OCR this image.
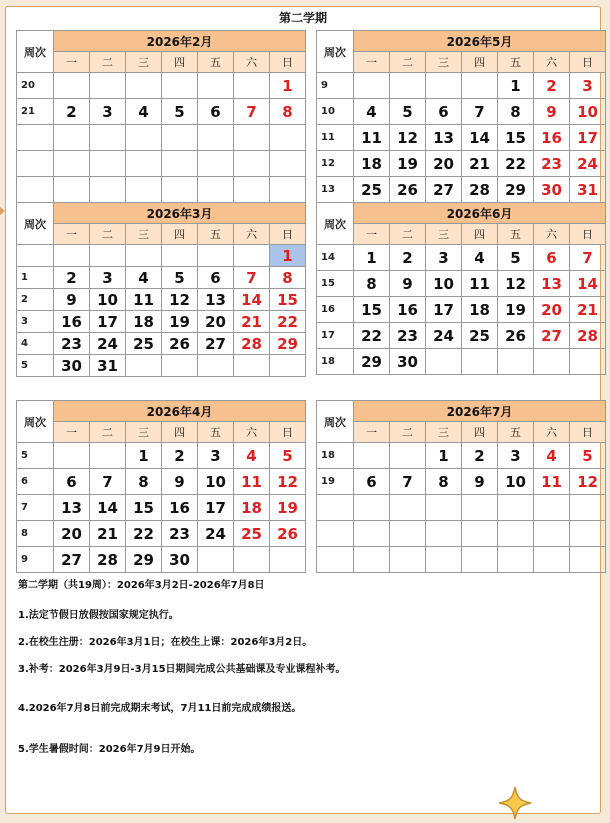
第二学期
周次	2026年2月						
	一	二	三	四	五	六	日
20							1
21	2	3	4	5	6	7	8

周次	2026年5月						
	一	二	三	四	五	六	日
9					1	2	3
10	4	5	6	7	8	9	10
11	11	12	13	14	15	16	17
12	18	19	20	21	22	23	24
13	25	26	27	28	29	30	31
周次	2026年3月						
	一	二	三	四	五	六	日
							1
1	2	3	4	5	6	7	8
2	9	10	11	12	13	14	15
3	16	17	18	19	20	21	22
4	23	24	25	26	27	28	29
5	30	31					
周次	2026年6月						
	一	二	三	四	五	六	日
14	1	2	3	4	5	6	7
15	8	9	10	11	12	13	14
16	15	16	17	18	19	20	21
17	22	23	24	25	26	27	28
18	29	30					
周次	2026年4月						
	一	二	三	四	五	六	日
5			1	2	3	4	5
6	6	7	8	9	10	11	12
7	13	14	15	16	17	18	19
8	20	21	22	23	24	25	26
9	27	28	29	30			
周次	2026年7月						
	一	二	三	四	五	六	日
18			1	2	3	4	5
19	6	7	8	9	10	11	12

第二学期（共19周）：2026年3月2日-2026年7月8日
1.法定节假日放假按国家规定执行。
2.在校生注册：2026年3月1日；在校生上课：2026年3月2日。
3.补考：2026年3月9日-3月15日期间完成公共基础课及专业课程补考。
4.2026年7月8日前完成期末考试，7月11日前完成成绩报送。
5.学生暑假时间：2026年7月9日开始。
